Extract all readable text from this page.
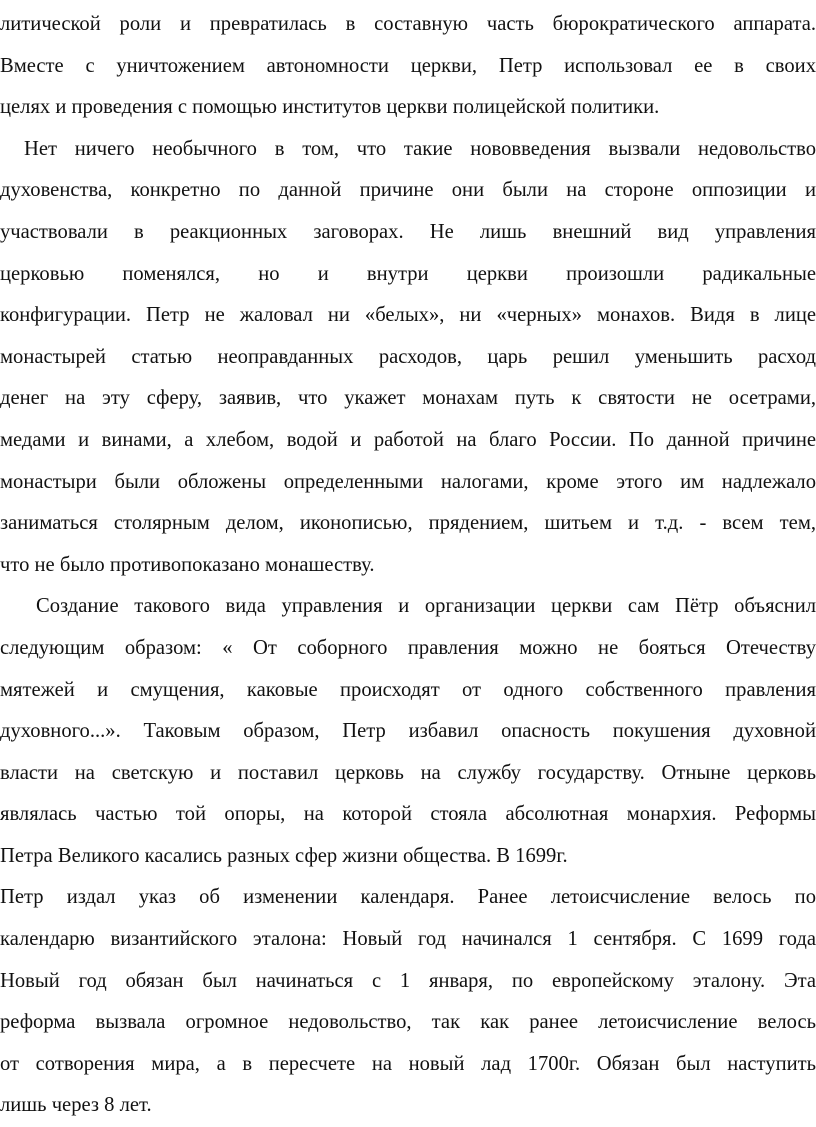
литической роли и превратилась в составную часть бюрократического аппарата.
Вместе с уничтожением автономности церкви, Петр использовал ее в своих
целях и проведения с помощью институтов церкви полицейской политики.
Нет ничего необычного в том, что такие нововведения вызвали недовольство
духовенства, конкретно по данной причине они были на стороне оппозиции и
участвовали в реакционных заговорах. Не лишь внешний вид управления
церковью поменялся, но и внутри церкви произошли радикальные
конфигурации. Петр не жаловал ни «белых», ни «черных» монахов. Видя в лице
монастырей статью неоправданных расходов, царь решил уменьшить расход
денег на эту сферу, заявив, что укажет монахам путь к святости не осетрами,
медами и винами, а хлебом, водой и работой на благо России. По данной причине
монастыри были обложены определенными налогами, кроме этого им надлежало
заниматься столярным делом, иконописью, прядением, шитьем и т.д. - всем тем,
что не было противопоказано монашеству.
Создание такового вида управления и организации церкви сам Пётр объяснил
следующим образом: « От соборного правления можно не бояться Отечеству
мятежей и смущения, каковые происходят от одного собственного правления
духовного...». Таковым образом, Петр избавил опасность покушения духовной
власти на светскую и поставил церковь на службу государству. Отныне церковь
являлась частью той опоры, на которой стояла абсолютная монархия. Реформы
Петра Великого касались разных сфер жизни общества. В 1699г.
Петр издал указ об изменении календаря. Ранее летоисчисление велось по
календарю византийского эталона: Новый год начинался 1 сентября. С 1699 года
Новый год обязан был начинаться с 1 января, по европейскому эталону. Эта
реформа вызвала огромное недовольство, так как ранее летоисчисление велось
от сотворения мира, а в пересчете на новый лад 1700г. Обязан был наступить
лишь через 8 лет.
